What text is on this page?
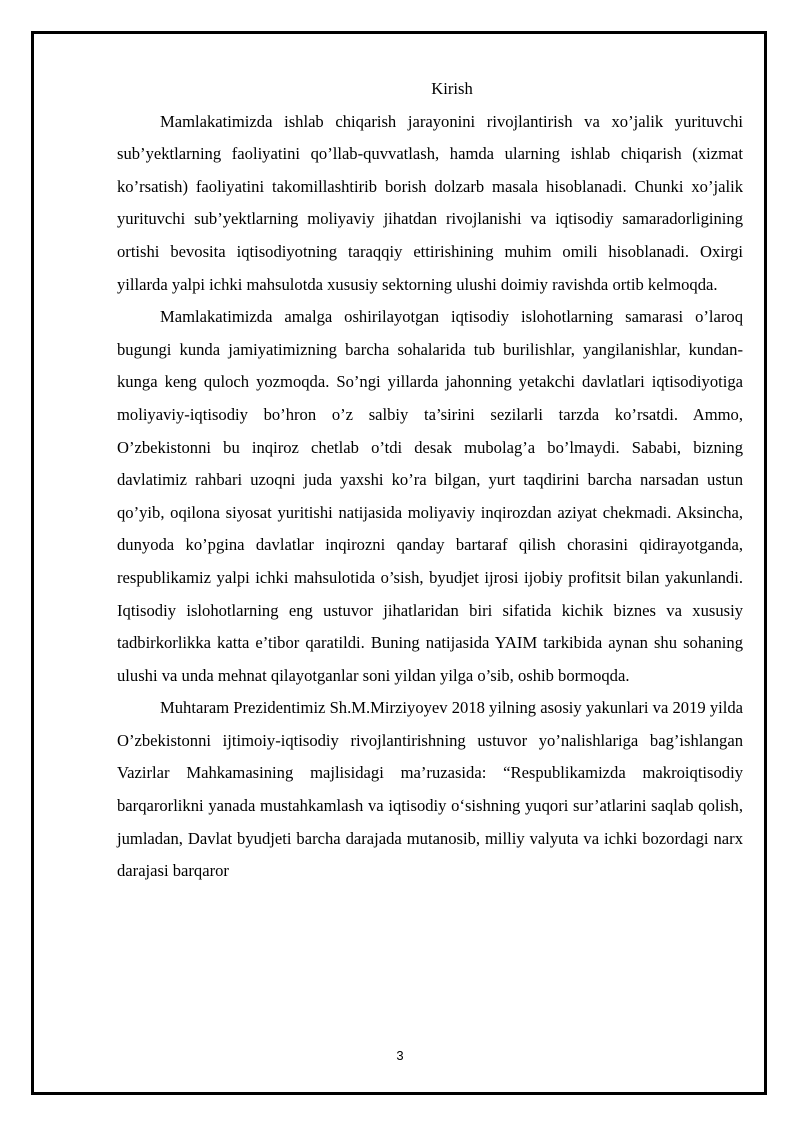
Kirish

Mamlakatimizda ishlab chiqarish jarayonini rivojlantirish va xo’jalik yurituvchi sub’yektlarning faoliyatini qo’llab-quvvatlash, hamda ularning ishlab chiqarish (xizmat ko’rsatish) faoliyatini takomillashtirib borish dolzarb masala hisoblanadi. Chunki xo’jalik yurituvchi sub’yektlarning moliyaviy jihatdan rivojlanishi va iqtisodiy samaradorligining ortishi bevosita iqtisodiyotning taraqqiy ettirishining muhim omili hisoblanadi. Oxirgi yillarda yalpi ichki mahsulotda xususiy sektorning ulushi doimiy ravishda ortib kelmoqda.

Mamlakatimizda amalga oshirilayotgan iqtisodiy islohotlarning samarasi o’laroq bugungi kunda jamiyatimizning barcha sohalarida tub burilishlar, yangilanishlar, kundan-kunga keng quloch yozmoqda. So’ngi yillarda jahonning yetakchi davlatlari iqtisodiyotiga moliyaviy-iqtisodiy bo’hron o’z salbiy ta’sirini sezilarli tarzda ko’rsatdi. Ammo, O’zbekistonni bu inqiroz chetlab o’tdi desak mubolag’a bo’lmaydi. Sababi, bizning davlatimiz rahbari uzoqni juda yaxshi ko’ra bilgan, yurt taqdirini barcha narsadan ustun qo’yib, oqilona siyosat yuritishi natijasida moliyaviy inqirozdan aziyat chekmadi. Aksincha, dunyoda ko’pgina davlatlar inqirozni qanday bartaraf qilish chorasini qidirayotganda, respublikamiz yalpi ichki mahsulotida o’sish, byudjet ijrosi ijobiy profitsit bilan yakunlandi. Iqtisodiy islohotlarning eng ustuvor jihatlaridan biri sifatida kichik biznes va xususiy tadbirkorlikka katta e’tibor qaratildi. Buning natijasida YAIM tarkibida aynan shu sohaning ulushi va unda mehnat qilayotganlar soni yildan yilga o’sib, oshib bormoqda.

Muhtaram Prezidentimiz Sh.M.Mirziyoyev 2018 yilning asosiy yakunlari va 2019 yilda O’zbekistonni ijtimoiy-iqtisodiy rivojlantirishning ustuvor yo’nalishlariga bag’ishlangan Vazirlar Mahkamasining majlisidagi ma’ruzasida: “Respublikamizda makroiqtisodiy barqarorlikni yanada mustahkamlash va iqtisodiy o‘sishning yuqori sur’atlarini saqlab qolish, jumladan, Davlat byudjeti barcha darajada mutanosib, milliy valyuta va ichki bozordagi narx darajasi barqaror

3
